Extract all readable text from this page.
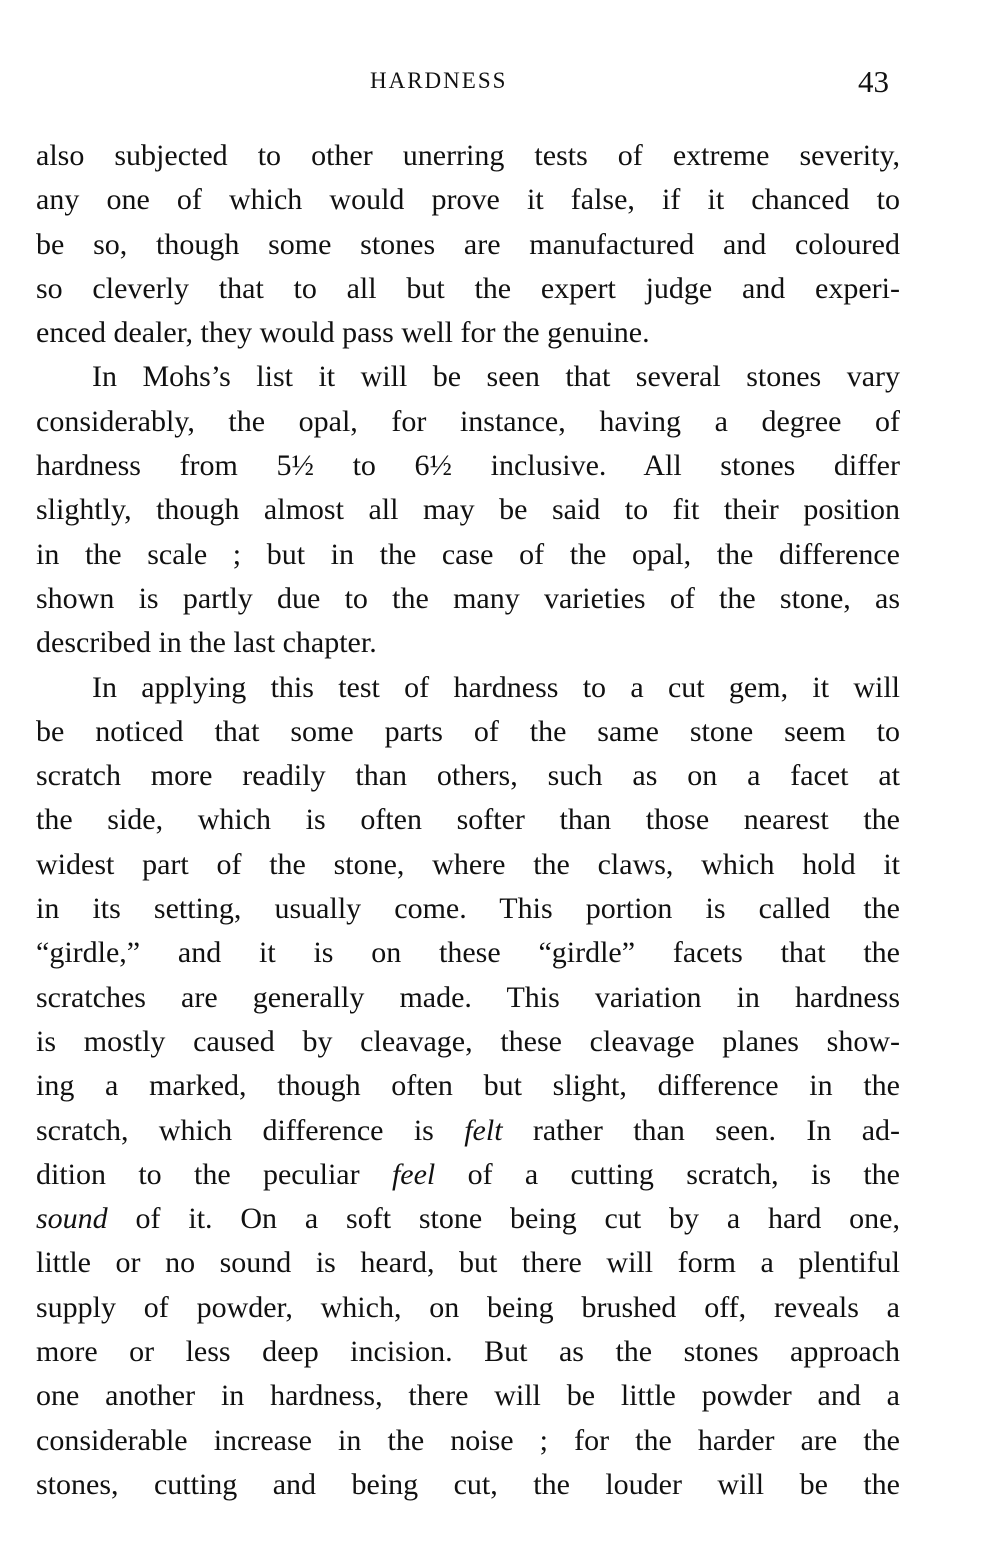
HARDNESS	43
also subjected to other unerring tests of extreme severity,
any one of which would prove it false, if it chanced to
be so, though some stones are manufactured and coloured
so cleverly that to all but the expert judge and experi-
enced dealer, they would pass well for the genuine.
In Mohs’s list it will be seen that several stones vary
considerably, the opal, for instance, having a degree of
hardness from 5½ to 6½ inclusive. All stones differ
slightly, though almost all may be said to fit their position
in the scale ; but in the case of the opal, the difference
shown is partly due to the many varieties of the stone, as
described in the last chapter.
In applying this test of hardness to a cut gem, it will
be noticed that some parts of the same stone seem to
scratch more readily than others, such as on a facet at
the side, which is often softer than those nearest the
widest part of the stone, where the claws, which hold it
in its setting, usually come. This portion is called the
“girdle,” and it is on these “girdle” facets that the
scratches are generally made. This variation in hardness
is mostly caused by cleavage, these cleavage planes show-
ing a marked, though often but slight, difference in the
scratch, which difference is felt rather than seen. In ad-
dition to the peculiar feel of a cutting scratch, is the
sound of it. On a soft stone being cut by a hard one,
little or no sound is heard, but there will form a plentiful
supply of powder, which, on being brushed off, reveals a
more or less deep incision. But as the stones approach
one another in hardness, there will be little powder and a
considerable increase in the noise ; for the harder are the
stones, cutting and being cut, the louder will be the
